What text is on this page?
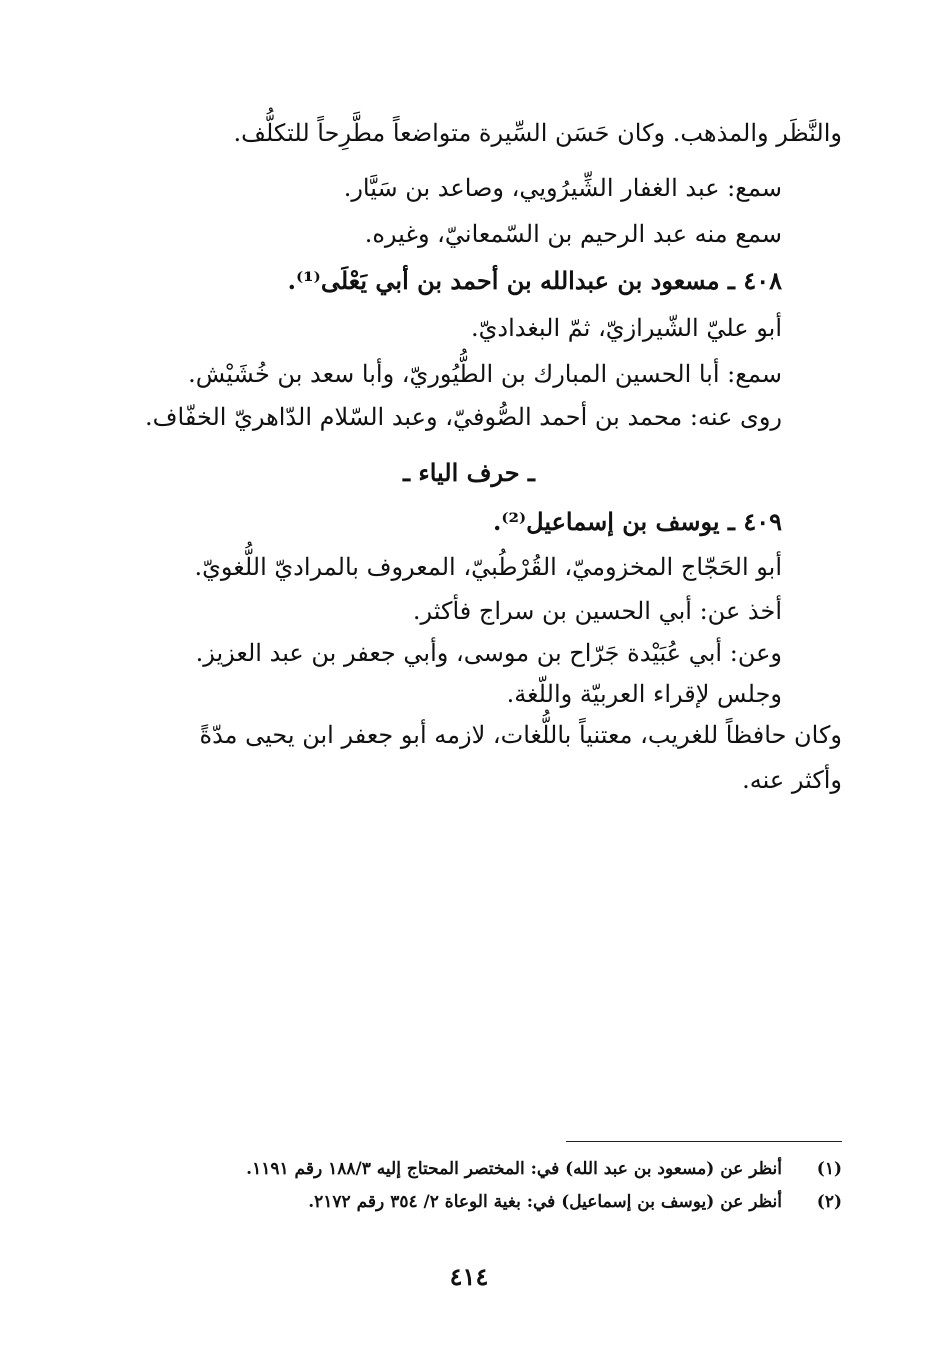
والنَّظَر والمذهب. وكان حَسَن السِّيرة متواضعاً مطَّرِحاً للتكلُّف.
سمع: عبد الغفار الشِّيرُويي، وصاعد بن سَيَّار.
سمع منه عبد الرحيم بن السّمعانيّ، وغيره.
٤٠٨ ـ مسعود بن عبدالله بن أحمد بن أبي يَعْلَى⁽¹⁾.
أبو عليّ الشّيرازيّ، ثمّ البغداديّ.
سمع: أبا الحسين المبارك بن الطُّيُوريّ، وأبا سعد بن خُشَيْش.
روى عنه: محمد بن أحمد الصُّوفيّ، وعبد السّلام الدّاهريّ الخفّاف.
ـ حرف الياء ـ
٤٠٩ ـ يوسف بن إسماعيل⁽²⁾.
أبو الحَجّاج المخزوميّ، القُرْطُبيّ، المعروف بالمراديّ اللُّغويّ.
أخذ عن: أبي الحسين بن سراج فأكثر.
وعن: أبي عُبَيْدة جَرّاح بن موسى، وأبي جعفر بن عبد العزيز.
وجلس لإقراء العربيّة واللّغة.
وكان حافظاً للغريب، معتنياً باللُّغات، لازمه أبو جعفر ابن يحيى مدّةً
وأكثر عنه.
(١)
أنظر عن (مسعود بن عبد الله) في: المختصر المحتاج إليه ١٨٨/٣ رقم ١١٩١.
(٢)
أنظر عن (يوسف بن إسماعيل) في: بغية الوعاة ٢/ ٣٥٤ رقم ٢١٧٢.
٤١٤
